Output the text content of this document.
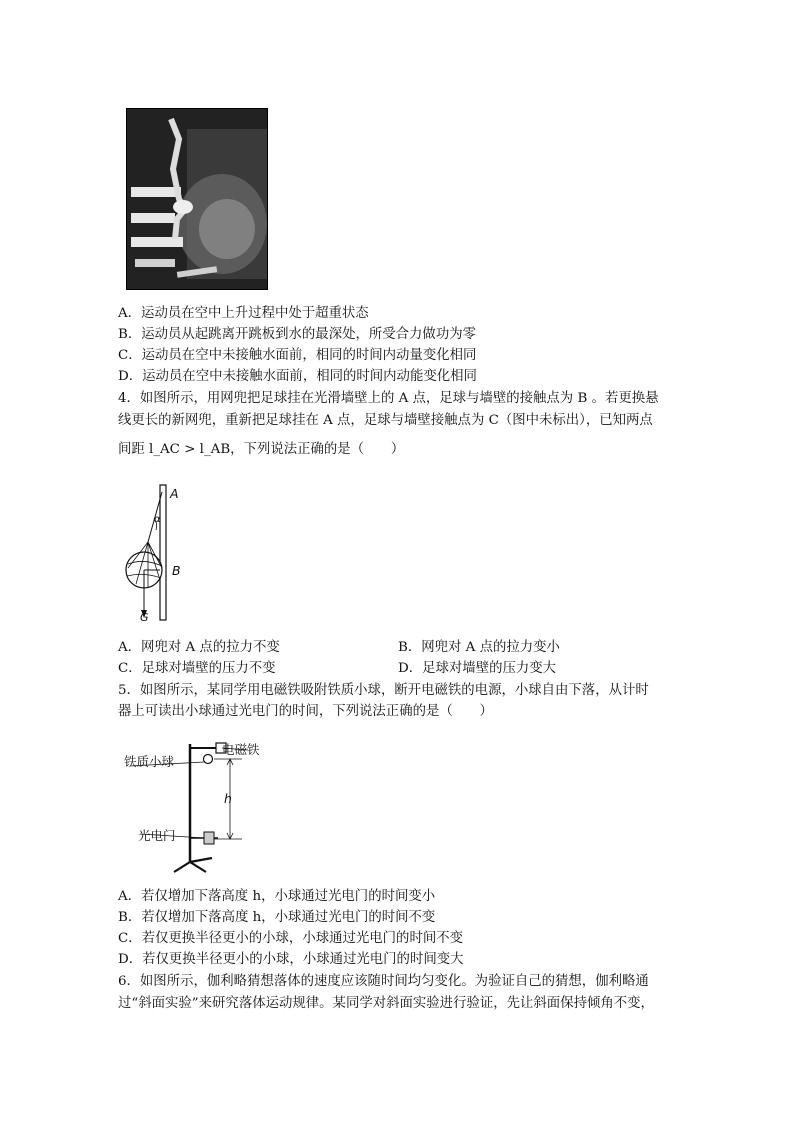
A．运动员在空中上升过程中处于超重状态
B．运动员从起跳离开跳板到水的最深处，所受合力做功为零
C．运动员在空中未接触水面前，相同的时间内动量变化相同
D．运动员在空中未接触水面前，相同的时间内动能变化相同
4．如图所示，用网兜把足球挂在光滑墙壁上的 A 点，足球与墙壁的接触点为 B 。若更换悬
线更长的新网兜，重新把足球挂在 A 点，足球与墙壁接触点为 C（图中未标出），已知两点
间距 l_AC > l_AB，下列说法正确的是（　　）
A
B
G
α
A．网兜对 A 点的拉力不变	B．网兜对 A 点的拉力变小
C．足球对墙壁的压力不变	D．足球对墙壁的压力变大
5．如图所示，某同学用电磁铁吸附铁质小球，断开电磁铁的电源，小球自由下落，从计时
器上可读出小球通过光电门的时间，下列说法正确的是（　　）
铁质小球
电磁铁
h
光电门
A．若仅增加下落高度 h，小球通过光电门的时间变小
B．若仅增加下落高度 h，小球通过光电门的时间不变
C．若仅更换半径更小的小球，小球通过光电门的时间不变
D．若仅更换半径更小的小球，小球通过光电门的时间变大
6．如图所示，伽利略猜想落体的速度应该随时间均匀变化。为验证自己的猜想，伽利略通
过“斜面实验”来研究落体运动规律。某同学对斜面实验进行验证，先让斜面保持倾角不变，
